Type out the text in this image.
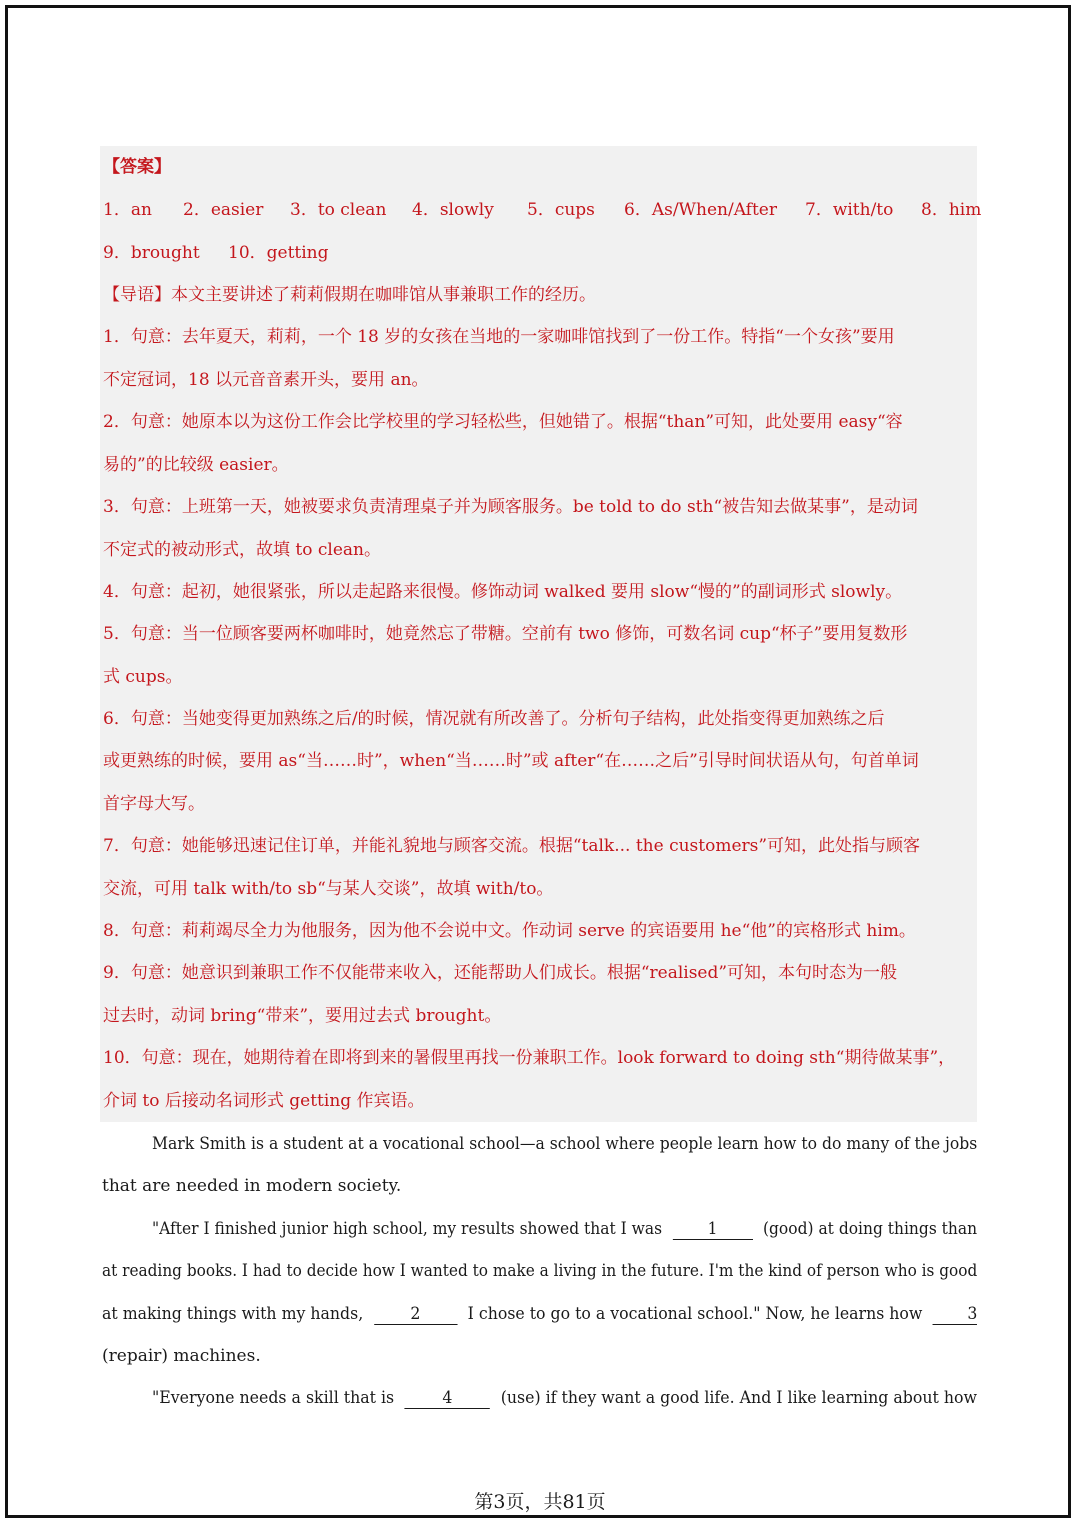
【答案】
1．an 2．easier 3．to clean 4．slowly 5．cups 6．As/When/After 7．with/to 8．him
9．brought 10．getting
【导语】本文主要讲述了莉莉假期在咖啡馆从事兼职工作的经历。
1．句意：去年夏天，莉莉，一个 18 岁的女孩在当地的一家咖啡馆找到了一份工作。特指“一个女孩”要用
不定冠词，18 以元音音素开头，要用 an。
2．句意：她原本以为这份工作会比学校里的学习轻松些，但她错了。根据“than”可知，此处要用 easy“容
易的”的比较级 easier。
3．句意：上班第一天，她被要求负责清理桌子并为顾客服务。be told to do sth“被告知去做某事”，是动词
不定式的被动形式，故填 to clean。
4．句意：起初，她很紧张，所以走起路来很慢。修饰动词 walked 要用 slow“慢的”的副词形式 slowly。
5．句意：当一位顾客要两杯咖啡时，她竟然忘了带糖。空前有 two 修饰，可数名词 cup“杯子”要用复数形
式 cups。
6．句意：当她变得更加熟练之后/的时候，情况就有所改善了。分析句子结构，此处指变得更加熟练之后
或更熟练的时候，要用 as“当……时”，when“当……时”或 after“在……之后”引导时间状语从句，句首单词
首字母大写。
7．句意：她能够迅速记住订单，并能礼貌地与顾客交流。根据“talk... the customers”可知，此处指与顾客
交流，可用 talk with/to sb“与某人交谈”，故填 with/to。
8．句意：莉莉竭尽全力为他服务，因为他不会说中文。作动词 serve 的宾语要用 he“他”的宾格形式 him。
9．句意：她意识到兼职工作不仅能带来收入，还能帮助人们成长。根据“realised”可知，本句时态为一般
过去时，动词 bring“带来”，要用过去式 brought。
10．句意：现在，她期待着在即将到来的暑假里再找一份兼职工作。look forward to doing sth“期待做某事”，
介词 to 后接动名词形式 getting 作宾语。
Mark Smith is a student at a vocational school—a school where people learn how to do many of the jobs
that are needed in modern society.
"After I finished junior high school, my results showed that I was	1	(good) at doing things than
at reading books. I had to decide how I wanted to make a living in the future. I'm the kind of person who is good
at making things with my hands,	2	I chose to go to a vocational school." Now, he learns how	3
(repair) machines.
"Everyone needs a skill that is	4	(use) if they want a good life. And I like learning about how
第3页，共81页
